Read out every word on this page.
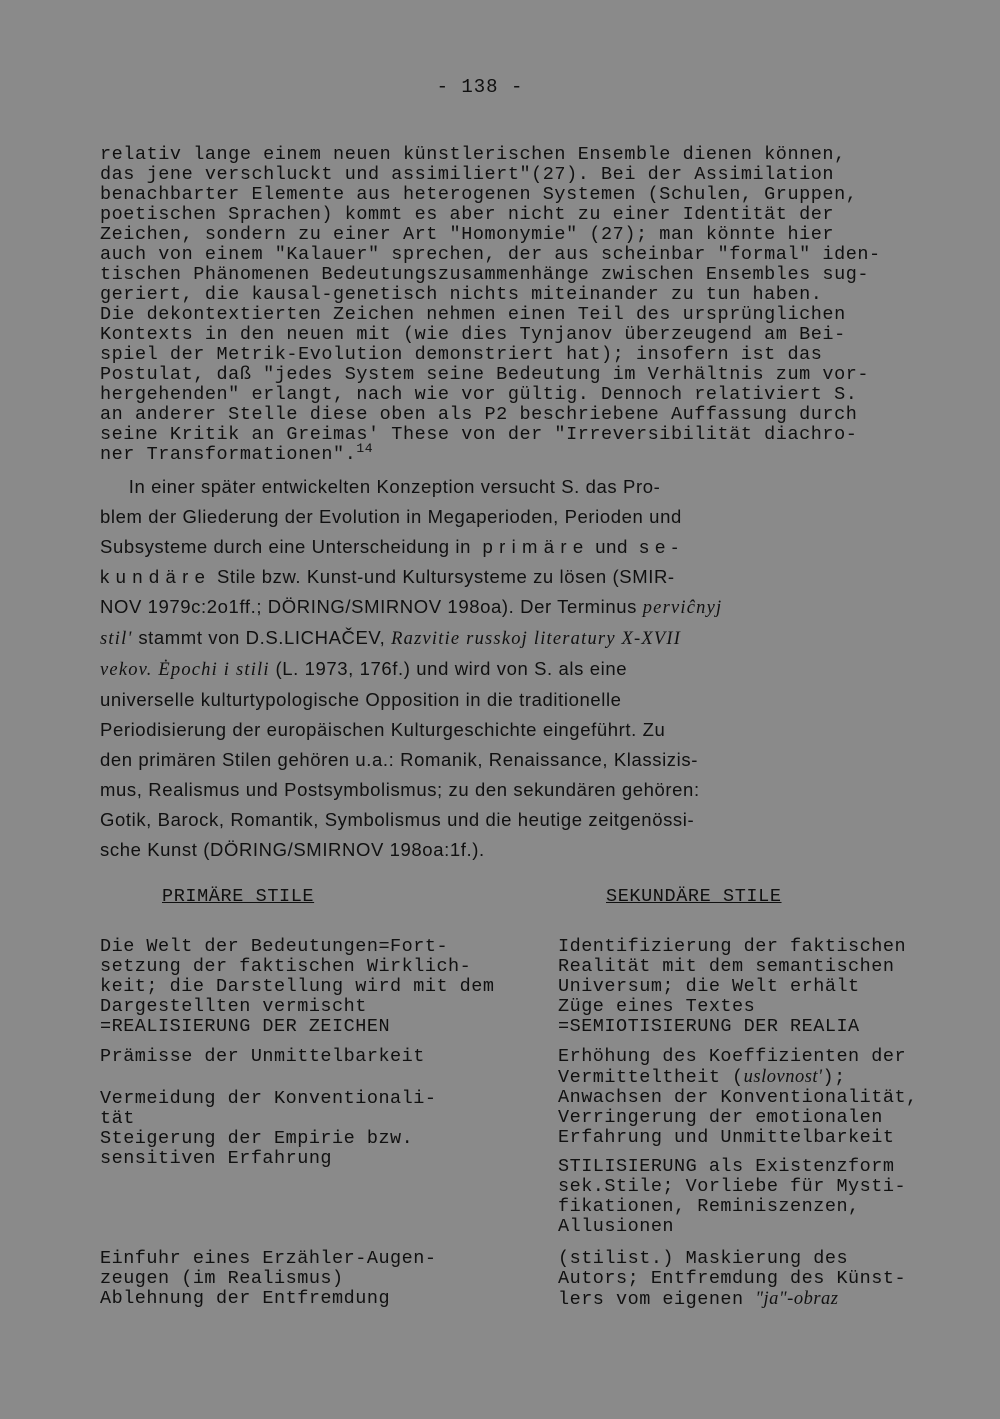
- 138 -
relativ lange einem neuen künstlerischen Ensemble dienen können,
das jene verschluckt und assimiliert"(27). Bei der Assimilation
benachbarter Elemente aus heterogenen Systemen (Schulen, Gruppen,
poetischen Sprachen) kommt es aber nicht zu einer Identität der
Zeichen, sondern zu einer Art "Homonymie" (27); man könnte hier
auch von einem "Kalauer" sprechen, der aus scheinbar "formal" iden-
tischen Phänomenen Bedeutungszusammenhänge zwischen Ensembles sug-
geriert, die kausal-genetisch nichts miteinander zu tun haben.
Die dekontextierten Zeichen nehmen einen Teil des ursprünglichen
Kontexts in den neuen mit (wie dies Tynjanov überzeugend am Bei-
spiel der Metrik-Evolution demonstriert hat); insofern ist das
Postulat, daß "jedes System seine Bedeutung im Verhältnis zum vor-
hergehenden" erlangt, nach wie vor gültig. Dennoch relativiert S.
an anderer Stelle diese oben als P2 beschriebene Auffassung durch
seine Kritik an Greimas' These von der "Irreversibilität diachro-
ner Transformationen".$^{14}$
In einer später entwickelten Konzeption versucht S. das Pro-
blem der Gliederung der Evolution in Megaperioden, Perioden und
Subsysteme durch eine Unterscheidung in  p r i m ä r e  und  s e -
k u n d ä r e  Stile bzw. Kunst-und Kultursysteme zu lösen (SMIR-
NOV 1979c:2o1ff.; DÖRING/SMIRNOV 198oa). Der Terminus perviĉnyj
stil' stammt von D.S.LICHAČEV, Razvitie russkoj literatury X-XVII
vekov. Ėpochi i stili (L. 1973, 176f.) und wird von S. als eine
universelle kulturtypologische Opposition in die traditionelle
Periodisierung der europäischen Kulturgeschichte eingeführt. Zu
den primären Stilen gehören u.a.: Romanik, Renaissance, Klassizis-
mus, Realismus und Postsymbolismus; zu den sekundären gehören:
Gotik, Barock, Romantik, Symbolismus und die heutige zeitgenössi-
sche Kunst (DÖRING/SMIRNOV 198oa:1f.).
PRIMÄRE STILE	SEKUNDÄRE STILE
Die Welt der Bedeutungen=Fort-
setzung der faktischen Wirklich-
keit; die Darstellung wird mit dem
Dargestellten vermischt
=REALISIERUNG DER ZEICHEN
Prämisse der Unmittelbarkeit
Vermeidung der Konventionali-
tät
Steigerung der Empirie bzw.
sensitiven Erfahrung
Einfuhr eines Erzähler-Augen-
zeugen (im Realismus)
Ablehnung der Entfremdung
Identifizierung der faktischen
Realität mit dem semantischen
Universum; die Welt erhält
Züge eines Textes
=SEMIOTISIERUNG DER REALIA
Erhöhung des Koeffizienten der
Vermitteltheit (uslovnost');
Anwachsen der Konventionalität,
Verringerung der emotionalen
Erfahrung und Unmittelbarkeit
STILISIERUNG als Existenzform
sek.Stile; Vorliebe für Mysti-
fikationen, Reminiszenzen,
Allusionen
(stilist.) Maskierung des
Autors; Entfremdung des Künst-
lers vom eigenen "ja"-obraz
